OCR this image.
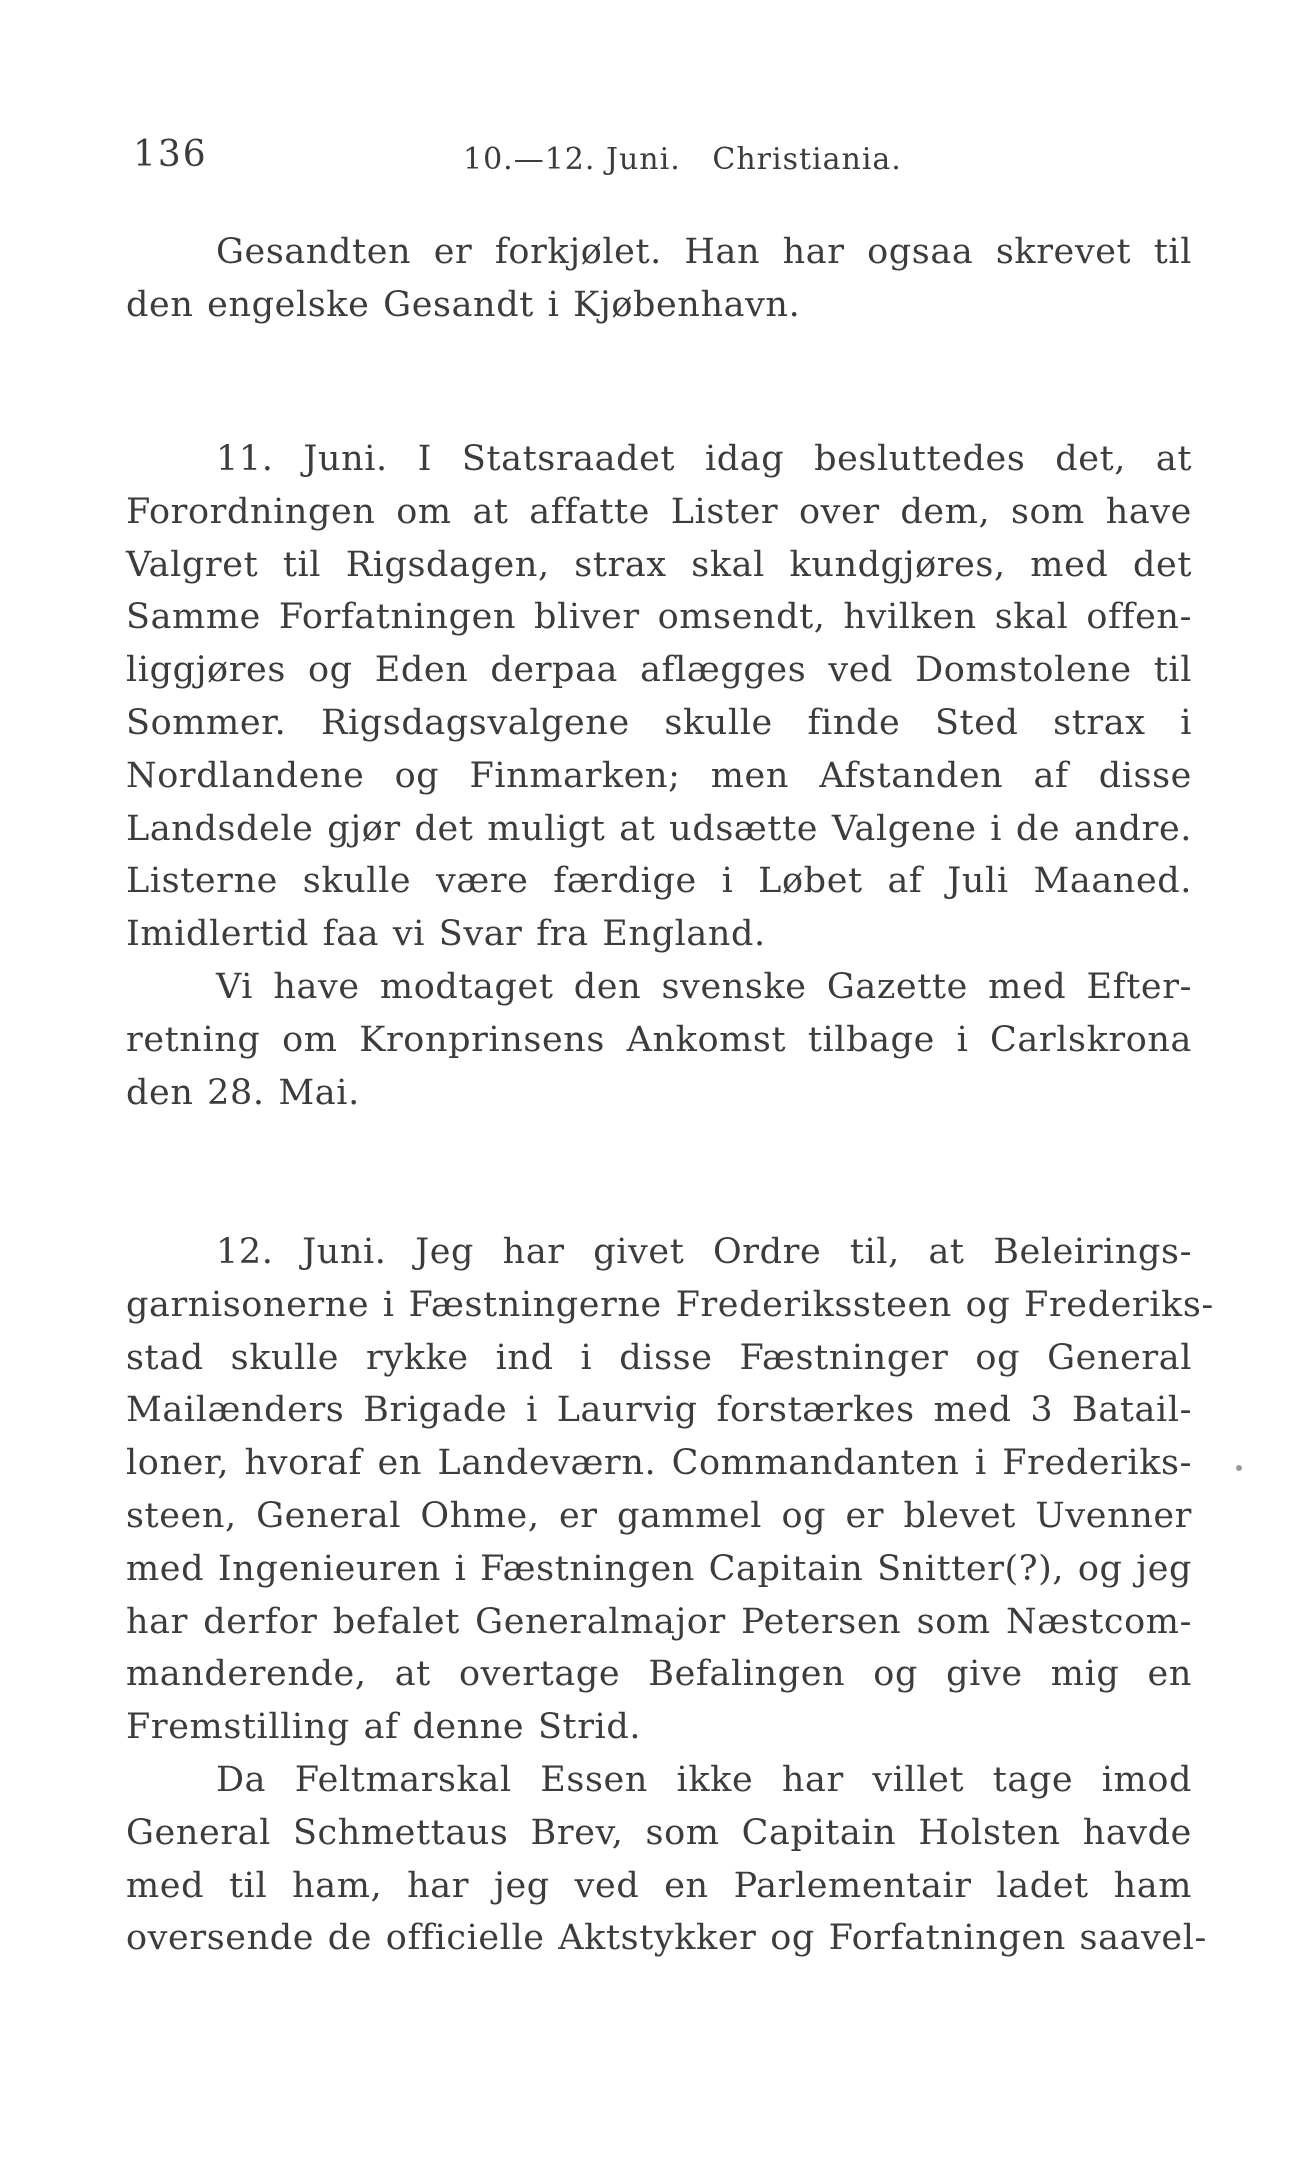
136	10.—12. Juni.   Christiania.
Gesandten er forkjølet. Han har ogsaa skrevet til
den engelske Gesandt i Kjøbenhavn.
11. Juni. I Statsraadet idag besluttedes det, at
Forordningen om at affatte Lister over dem, som have
Valgret til Rigsdagen, strax skal kundgjøres, med det
Samme Forfatningen bliver omsendt, hvilken skal offen-
liggjøres og Eden derpaa aflægges ved Domstolene til
Sommer. Rigsdagsvalgene skulle finde Sted strax i
Nordlandene og Finmarken; men Afstanden af disse
Landsdele gjør det muligt at udsætte Valgene i de andre.
Listerne skulle være færdige i Løbet af Juli Maaned.
Imidlertid faa vi Svar fra England.
Vi have modtaget den svenske Gazette med Efter-
retning om Kronprinsens Ankomst tilbage i Carlskrona
den 28. Mai.
12. Juni. Jeg har givet Ordre til, at Beleirings-
garnisonerne i Fæstningerne Frederikssteen og Frederiks-
stad skulle rykke ind i disse Fæstninger og General
Mailænders Brigade i Laurvig forstærkes med 3 Batail-
loner, hvoraf en Landeværn. Commandanten i Frederiks-
steen, General Ohme, er gammel og er blevet Uvenner
med Ingenieuren i Fæstningen Capitain Snitter(?), og jeg
har derfor befalet Generalmajor Petersen som Næstcom-
manderende, at overtage Befalingen og give mig en
Fremstilling af denne Strid.
Da Feltmarskal Essen ikke har villet tage imod
General Schmettaus Brev, som Capitain Holsten havde
med til ham, har jeg ved en Parlementair ladet ham
oversende de officielle Aktstykker og Forfatningen saavel-
